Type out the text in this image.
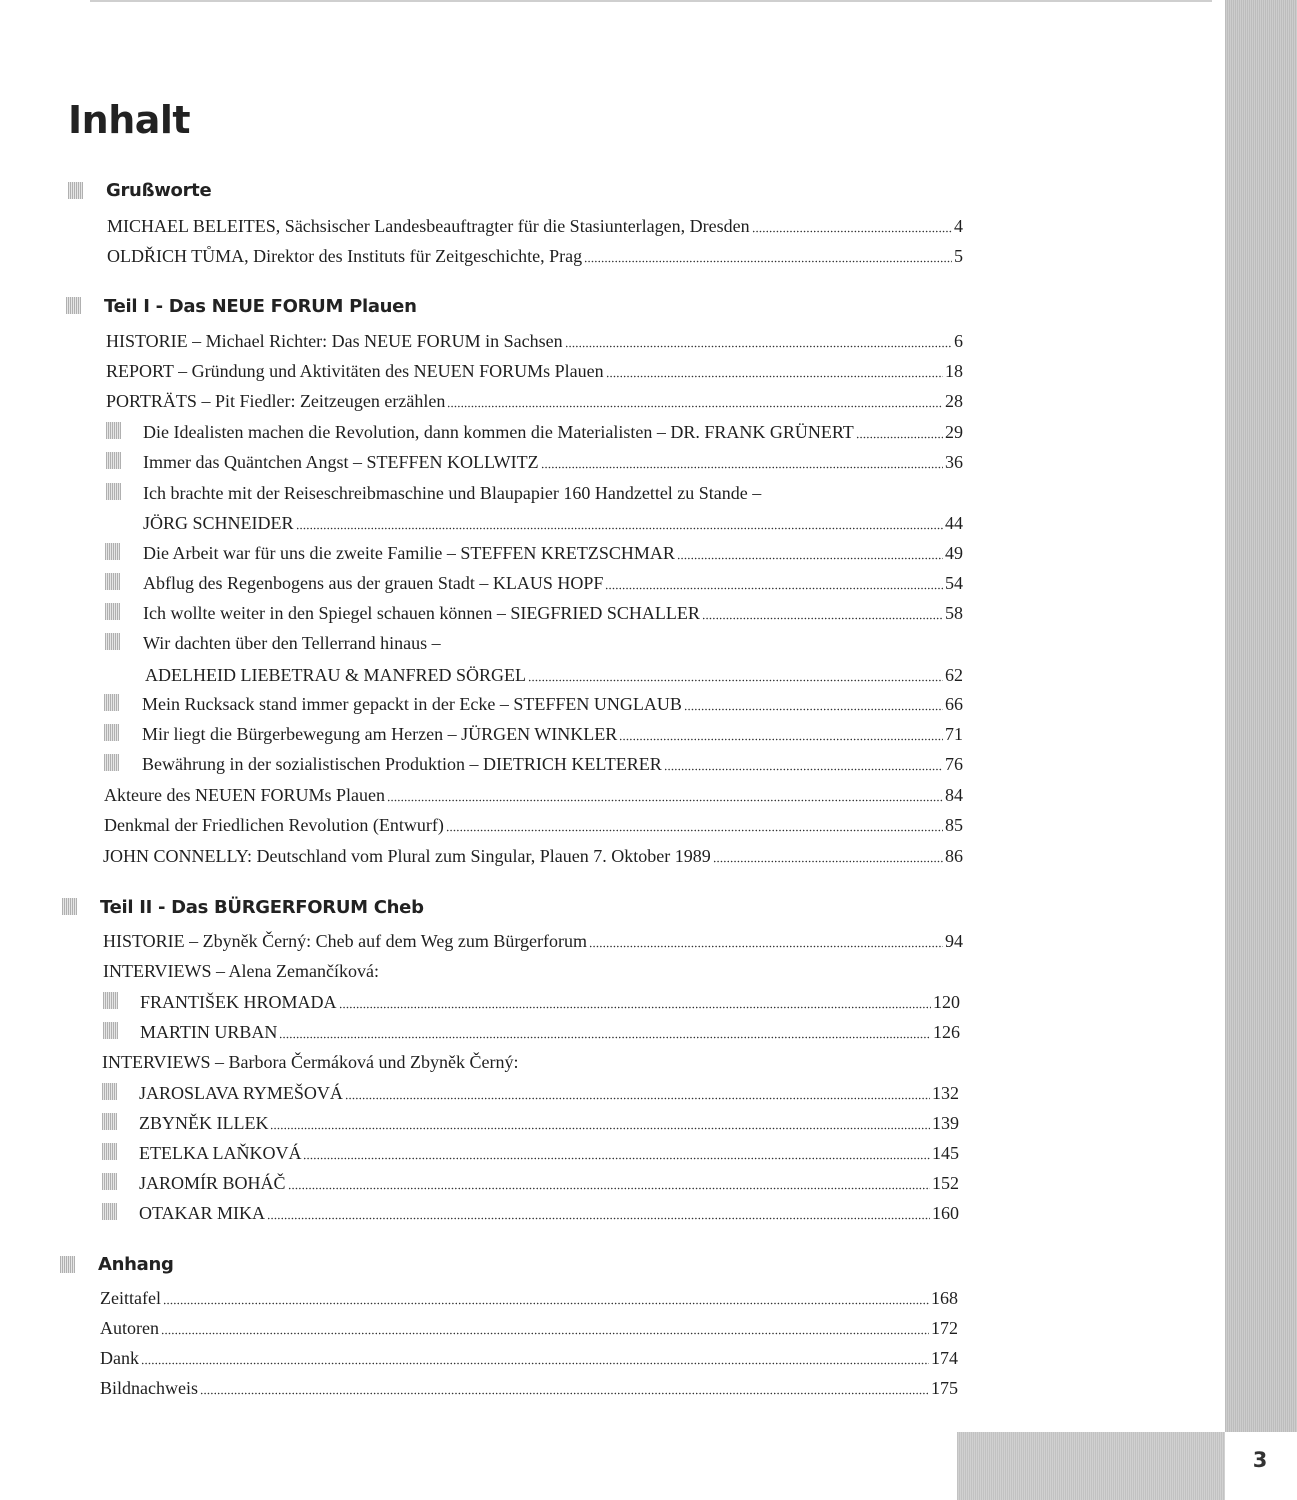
3
Inhalt
Grußworte
MICHAEL BELEITES, Sächsischer Landesbeauftragter für die Stasiunterlagen, Dresden	4
OLDŘICH TŮMA, Direktor des Instituts für Zeitgeschichte, Prag	5
Teil I - Das NEUE FORUM Plauen
HISTORIE – Michael Richter: Das NEUE FORUM in Sachsen	6
REPORT – Gründung und Aktivitäten des NEUEN FORUMs Plauen	18
PORTRÄTS – Pit Fiedler: Zeitzeugen erzählen	28
Die Idealisten machen die Revolution, dann kommen die Materialisten – DR. FRANK GRÜNERT	29
Immer das Quäntchen Angst – STEFFEN KOLLWITZ	36
Ich brachte mit der Reiseschreibmaschine und Blaupapier 160 Handzettel zu Stande –
JÖRG SCHNEIDER	44
Die Arbeit war für uns die zweite Familie – STEFFEN KRETZSCHMAR	49
Abflug des Regenbogens aus der grauen Stadt – KLAUS HOPF	54
Ich wollte weiter in den Spiegel schauen können – SIEGFRIED SCHALLER	58
Wir dachten über den Tellerrand hinaus –
ADELHEID LIEBETRAU & MANFRED SÖRGEL	62
Mein Rucksack stand immer gepackt in der Ecke – STEFFEN UNGLAUB	66
Mir liegt die Bürgerbewegung am Herzen – JÜRGEN WINKLER	71
Bewährung in der sozialistischen Produktion – DIETRICH KELTERER	76
Akteure des NEUEN FORUMs Plauen	84
Denkmal der Friedlichen Revolution (Entwurf)	85
JOHN CONNELLY: Deutschland vom Plural zum Singular, Plauen 7. Oktober 1989	86
Teil II - Das BÜRGERFORUM Cheb
HISTORIE – Zbyněk Černý: Cheb auf dem Weg zum Bürgerforum	94
INTERVIEWS – Alena Zemančíková:
FRANTIŠEK HROMADA	120
MARTIN URBAN	126
INTERVIEWS – Barbora Čermáková und Zbyněk Černý:
JAROSLAVA RYMEŠOVÁ	132
ZBYNĚK ILLEK	139
ETELKA LAŇKOVÁ	145
JAROMÍR BOHÁČ	152
OTAKAR MIKA	160
Anhang
Zeittafel	168
Autoren	172
Dank	174
Bildnachweis	175
